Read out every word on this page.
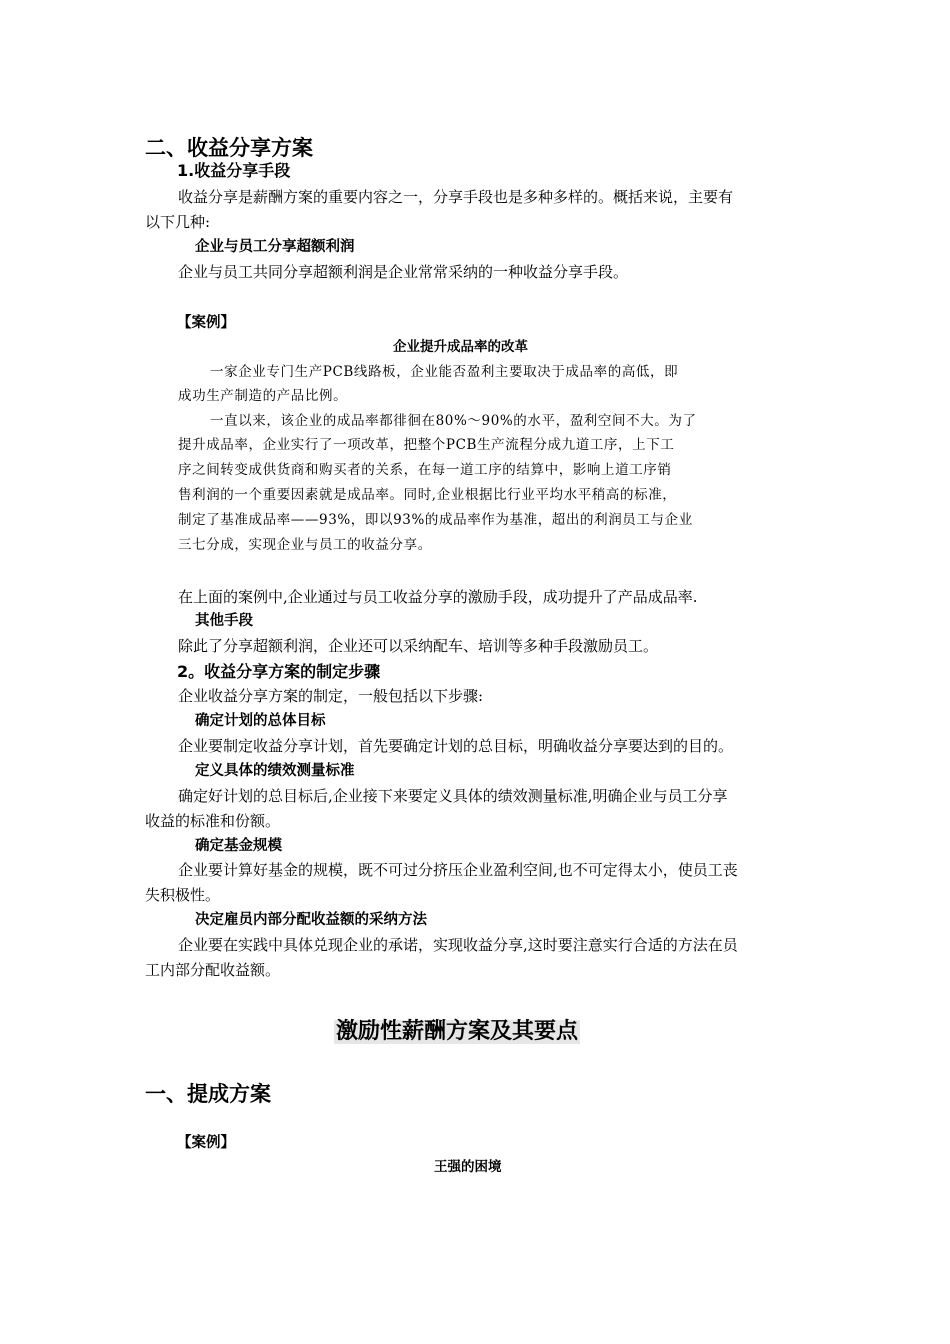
二、收益分享方案
1.收益分享手段
收益分享是薪酬方案的重要内容之一，分享手段也是多种多样的。概括来说，主要有
以下几种:
企业与员工分享超额利润
企业与员工共同分享超额利润是企业常常采纳的一种收益分享手段。
【案例】
企业提升成品率的改革
一家企业专门生产PCB线路板，企业能否盈利主要取决于成品率的高低，即
成功生产制造的产品比例。
一直以来，该企业的成品率都徘徊在80%～90%的水平，盈利空间不大。为了
提升成品率，企业实行了一项改革，把整个PCB生产流程分成九道工序，上下工
序之间转变成供货商和购买者的关系，在每一道工序的结算中，影响上道工序销
售利润的一个重要因素就是成品率。同时,企业根据比行业平均水平稍高的标准，
制定了基准成品率——93%，即以93%的成品率作为基准，超出的利润员工与企业
三七分成，实现企业与员工的收益分享。
在上面的案例中,企业通过与员工收益分享的激励手段，成功提升了产品成品率.
其他手段
除此了分享超额利润，企业还可以采纳配车、培训等多种手段激励员工。
2。收益分享方案的制定步骤
企业收益分享方案的制定，一般包括以下步骤:
确定计划的总体目标
企业要制定收益分享计划，首先要确定计划的总目标，明确收益分享要达到的目的。
定义具体的绩效测量标准
确定好计划的总目标后,企业接下来要定义具体的绩效测量标准,明确企业与员工分享
收益的标准和份额。
确定基金规模
企业要计算好基金的规模，既不可过分挤压企业盈利空间,也不可定得太小，使员工丧
失积极性。
决定雇员内部分配收益额的采纳方法
企业要在实践中具体兑现企业的承诺，实现收益分享,这时要注意实行合适的方法在员
工内部分配收益额。
激励性薪酬方案及其要点
一、提成方案
【案例】
王强的困境
